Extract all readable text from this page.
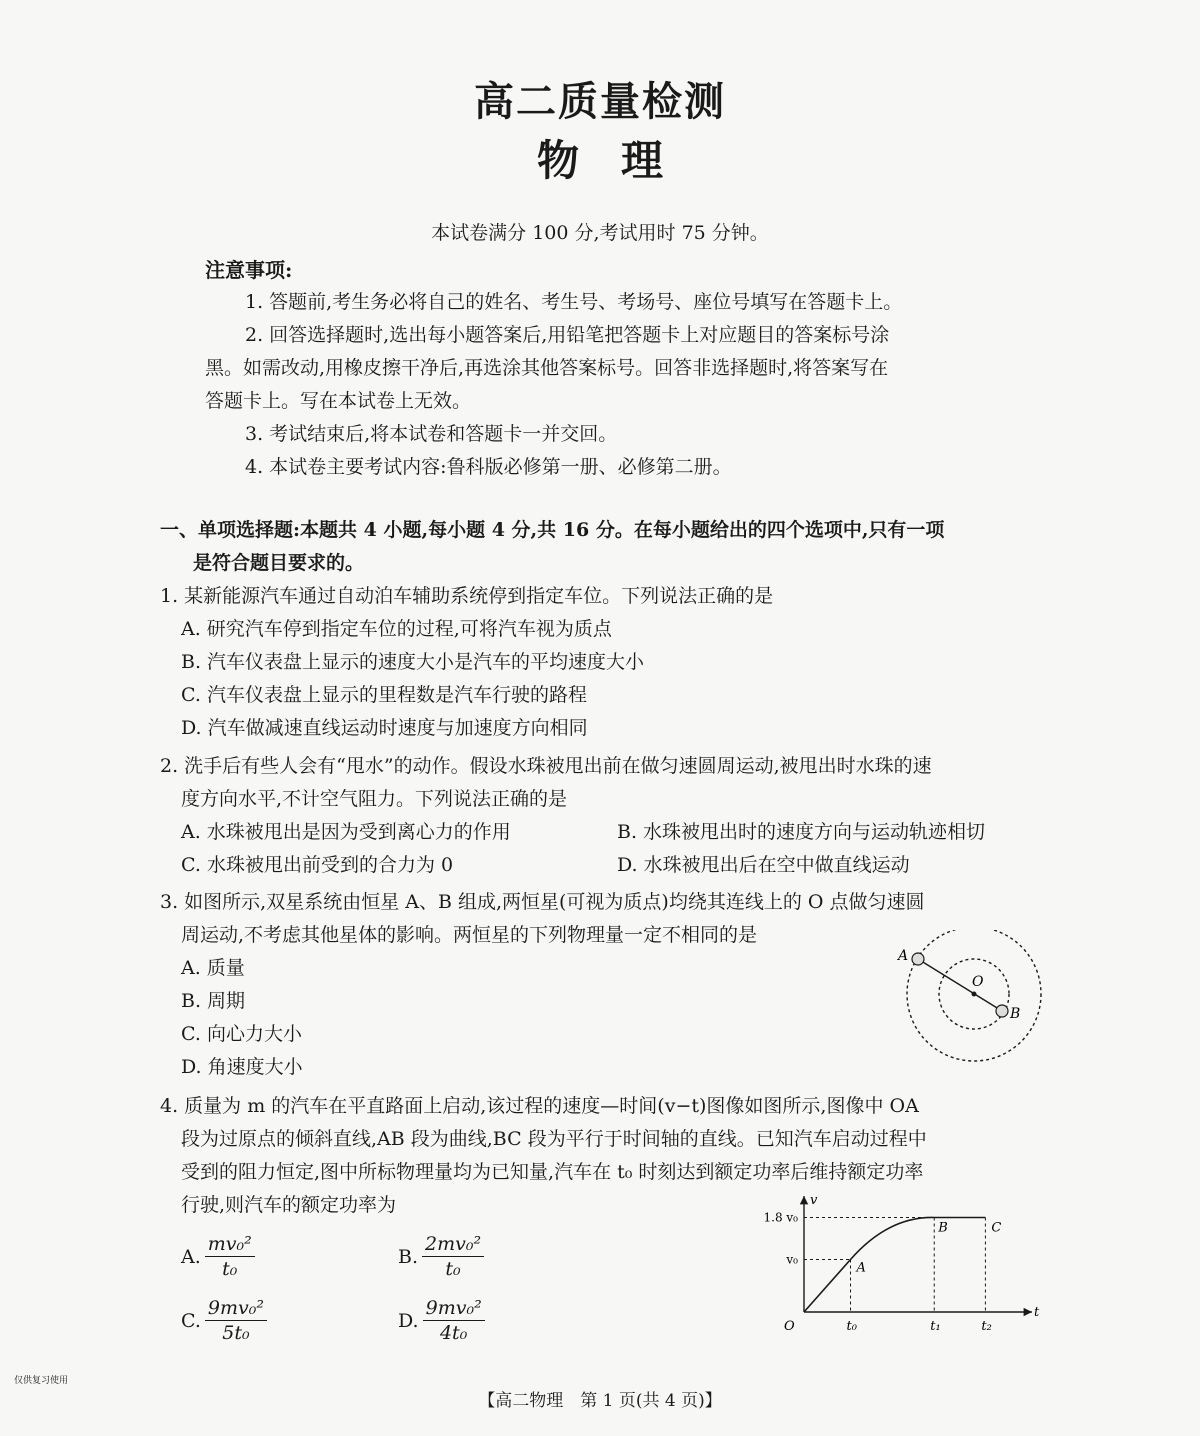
高二质量检测
物　理
本试卷满分 100 分,考试用时 75 分钟。
注意事项:

1. 答题前,考生务必将自己的姓名、考生号、考场号、座位号填写在答题卡上。

2. 回答选择题时,选出每小题答案后,用铅笔把答题卡上对应题目的答案标号涂

黑。如需改动,用橡皮擦干净后,再选涂其他答案标号。回答非选择题时,将答案写在

答题卡上。写在本试卷上无效。

3. 考试结束后,将本试卷和答题卡一并交回。

4. 本试卷主要考试内容:鲁科版必修第一册、必修第二册。

一、单项选择题:本题共 4 小题,每小题 4 分,共 16 分。在每小题给出的四个选项中,只有一项
是符合题目要求的。

1. 某新能源汽车通过自动泊车辅助系统停到指定车位。下列说法正确的是

A. 研究汽车停到指定车位的过程,可将汽车视为质点

B. 汽车仪表盘上显示的速度大小是汽车的平均速度大小

C. 汽车仪表盘上显示的里程数是汽车行驶的路程

D. 汽车做减速直线运动时速度与加速度方向相同

2. 洗手后有些人会有“甩水”的动作。假设水珠被甩出前在做匀速圆周运动,被甩出时水珠的速

度方向水平,不计空气阻力。下列说法正确的是

A. 水珠被甩出是因为受到离心力的作用	B. 水珠被甩出时的速度方向与运动轨迹相切
C. 水珠被甩出前受到的合力为 0	D. 水珠被甩出后在空中做直线运动

3. 如图所示,双星系统由恒星 A、B 组成,两恒星(可视为质点)均绕其连线上的 O 点做匀速圆

周运动,不考虑其他星体的影响。两恒星的下列物理量一定不相同的是

A. 质量

B. 周期

C. 向心力大小

D. 角速度大小

A
O
B

4. 质量为 m 的汽车在平直路面上启动,该过程的速度—时间(v−t)图像如图所示,图像中 OA

段为过原点的倾斜直线,AB 段为曲线,BC 段为平行于时间轴的直线。已知汽车启动过程中

受到的阻力恒定,图中所标物理量均为已知量,汽车在 t₀ 时刻达到额定功率后维持额定功率

行驶,则汽车的额定功率为

A. $\frac{\text{mv₀²}}{\text{t₀}}$	B. $\frac{\text{2mv₀²}}{\text{t₀}}$
C. $\frac{\text{9mv₀²}}{\text{5t₀}}$	D. $\frac{\text{9mv₀²}}{\text{4t₀}}$	O	t₀	t₁	t₂
v₀
1.8 v₀
A
B	C
t
v
仅供复习使用
【高二物理　第 1 页(共 4 页)】
